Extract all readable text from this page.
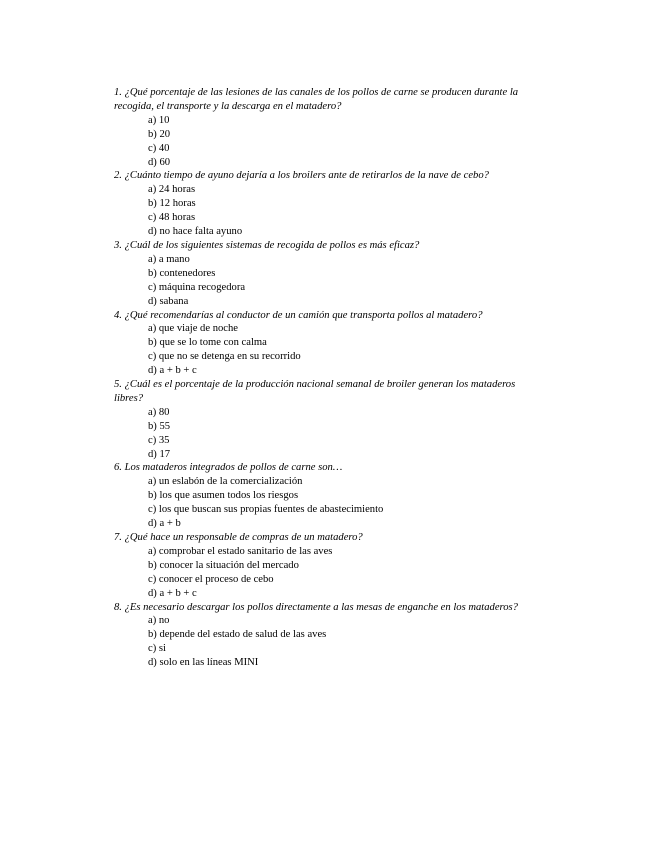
1. ¿Qué porcentaje de las lesiones de las canales de los pollos de carne se producen durante la recogida, el transporte y la descarga en el matadero?

a) 10
b) 20
c) 40
d) 60

2. ¿Cuánto tiempo de ayuno dejaría a los broilers ante de retirarlos de la nave de cebo?

a) 24 horas
b) 12 horas
c) 48 horas
d) no hace falta ayuno

3. ¿Cuál de los siguientes sistemas de recogida de pollos es más eficaz?

a) a mano
b) contenedores
c) máquina recogedora
d) sabana

4. ¿Qué recomendarías al conductor de un camión que transporta pollos al matadero?

a) que viaje de noche
b) que se lo tome con calma
c) que no se detenga en su recorrido
d) a + b + c

5. ¿Cuál es el porcentaje de la producción nacional semanal de broiler generan los mataderos libres?

a) 80
b) 55
c) 35
d) 17

6. Los mataderos integrados de pollos de carne son…

a) un eslabón de la comercialización
b) los que asumen todos los riesgos
c) los que buscan sus propias fuentes de abastecimiento
d) a + b

7. ¿Qué hace un responsable de compras de un matadero?

a) comprobar el estado sanitario de las aves
b) conocer la situación del mercado
c) conocer el proceso de cebo
d) a + b + c

8. ¿Es necesario descargar los pollos directamente a las mesas de enganche en los mataderos?

a) no
b) depende del estado de salud de las aves
c) si
d) solo en las líneas MINI
